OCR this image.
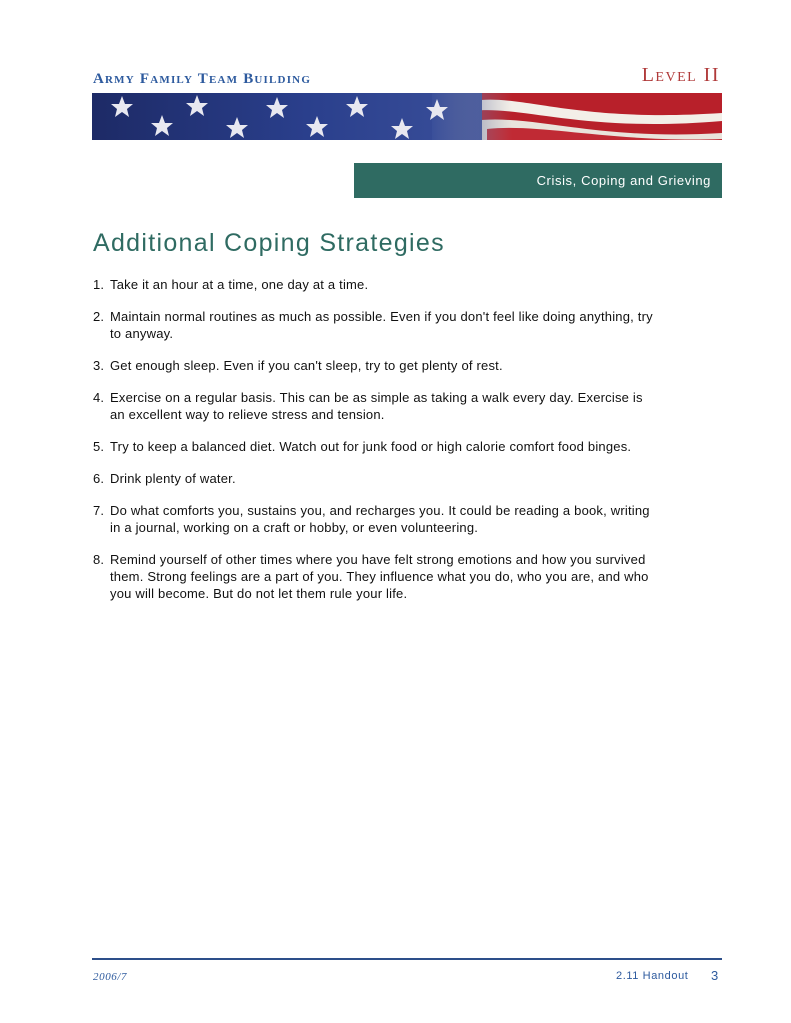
Army Family Team Building	Level II
Crisis, Coping and Grieving
Additional Coping Strategies
1. Take it an hour at a time, one day at a time.
2. Maintain normal routines as much as possible. Even if you don't feel like doing anything, try to anyway.
3. Get enough sleep. Even if you can't sleep, try to get plenty of rest.
4. Exercise on a regular basis. This can be as simple as taking a walk every day. Exercise is an excellent way to relieve stress and tension.
5. Try to keep a balanced diet. Watch out for junk food or high calorie comfort food binges.
6. Drink plenty of water.
7. Do what comforts you, sustains you, and recharges you. It could be reading a book, writing in a journal, working on a craft or hobby, or even volunteering.
8. Remind yourself of other times where you have felt strong emotions and how you survived them. Strong feelings are a part of you. They influence what you do, who you are, and who you will become. But do not let them rule your life.
2006/7	2.11 Handout 3
